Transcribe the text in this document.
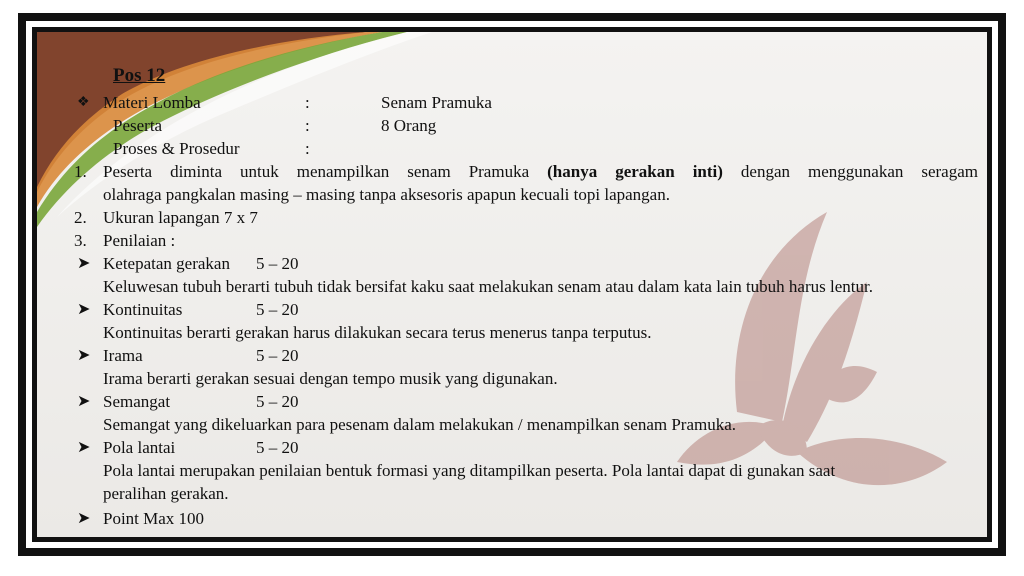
Pos 12
❖ Materi Lomba	:	Senam Pramuka
Peserta	:	8 Orang
Proses & Prosedur	:
1. Peserta diminta untuk menampilkan senam Pramuka (hanya gerakan inti) dengan menggunakan seragam
olahraga pangkalan masing – masing tanpa aksesoris apapun kecuali topi lapangan.
2. Ukuran lapangan 7 x 7
3. Penilaian :
➤ Ketepatan gerakan 5 – 20
Keluwesan tubuh berarti tubuh tidak bersifat kaku saat melakukan senam atau dalam kata lain tubuh harus lentur.
➤ Kontinuitas	5 – 20
Kontinuitas berarti gerakan harus dilakukan secara terus menerus tanpa terputus.
➤ Irama	5 – 20
Irama berarti gerakan sesuai dengan tempo musik yang digunakan.
➤ Semangat	5 – 20
Semangat yang dikeluarkan para pesenam dalam melakukan / menampilkan senam Pramuka.
➤ Pola lantai	5 – 20
Pola lantai merupakan penilaian bentuk formasi yang ditampilkan peserta. Pola lantai dapat di gunakan saat
peralihan gerakan.
➤ Point Max 100
